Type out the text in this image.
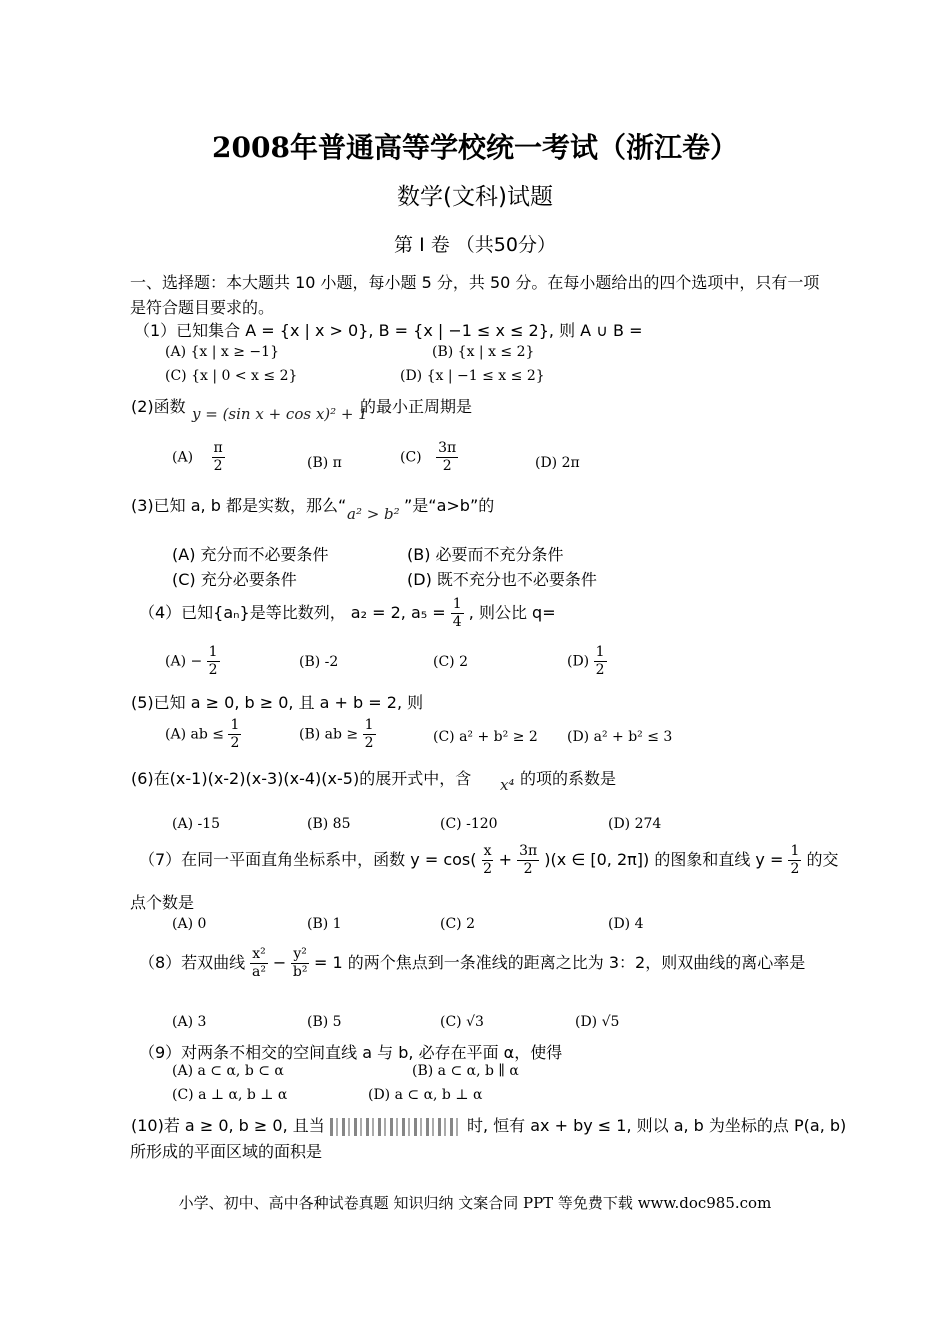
2008年普通高等学校统一考试（浙江卷）
数学(文科)试题
第 I 卷 （共50分）
一、选择题：本大题共 10 小题，每小题 5 分，共 50 分。在每小题给出的四个选项中，只有一项
是符合题目要求的。
（1）已知集合 A = {x | x > 0}, B = {x | −1 ≤ x ≤ 2}, 则 A ∪ B =
(A) {x | x ≥ −1}	(B) {x | x ≤ 2}
(C) {x | 0 < x ≤ 2}	(D) {x | −1 ≤ x ≤ 2}
(2)函数 y = (sin x + cos x)² + 1
的最小正周期是
$(A) \frac{\pi}{2}$	(B) π	$(C) \frac{3\pi}{2}$	(D) 2π
(3)已知 a, b 都是实数，那么“ a² > b² ”是“a>b”的
(A) 充分而不必要条件	(B) 必要而不充分条件
(C) 充分必要条件	(D) 既不充分也不必要条件
（4）已知{aₙ}是等比数列， a₂ = 2, $a_5 = \frac{1}{4}$ , 则公比 q=
$(A) - \frac{1}{2}$	(B) -2	(C) 2	$(D) \frac{1}{2}$
(5)已知 a ≥ 0, b ≥ 0, 且 a + b = 2, 则
(A) ab ≤ $\frac{1}{2}$	(B) ab ≥ $\frac{1}{2}$	(C) a² + b² ≥ 2 (D) a² + b² ≤ 3
(6)在(x-1)(x-2)(x-3)(x-4)(x-5)的展开式中，含 x⁴ 的项的系数是
(A) -15	(B) 85	(C) -120	(D) 274
（7）在同一平面直角坐标系中，函数 $y = \cos( \frac{x}{2} + \frac{3\pi}{2} )(x$ ∈ [0, 2π]) 的图象和直线 $y = \frac{1}{2}$ 的交
点个数是
(A) 0	(B) 1	(C) 2	(D) 4
（8）若双曲线 $\frac{\text{x²}}{\text{a²}} - \frac{\text{y²}}{\text{b²}} = 1$ 的两个焦点到一条准线的距离之比为 3：2，则双曲线的离心率是
(A) 3	(B) 5	(C) √3	(D) √5
（9）对两条不相交的空间直线 a 与 b, 必存在平面 α，使得
(A) a ⊂ α, b ⊂ α	(B) a ⊂ α, b ∥ α
(C) a ⊥ α, b ⊥ α	(D) a ⊂ α, b ⊥ α
(10)若 a ≥ 0, b ≥ 0, 且当	时, 恒有 ax + by ≤ 1, 则以 a, b 为坐标的点 P(a, b)
所形成的平面区域的面积是
小学、初中、高中各种试卷真题 知识归纳 文案合同 PPT 等免费下载 www.doc985.com
